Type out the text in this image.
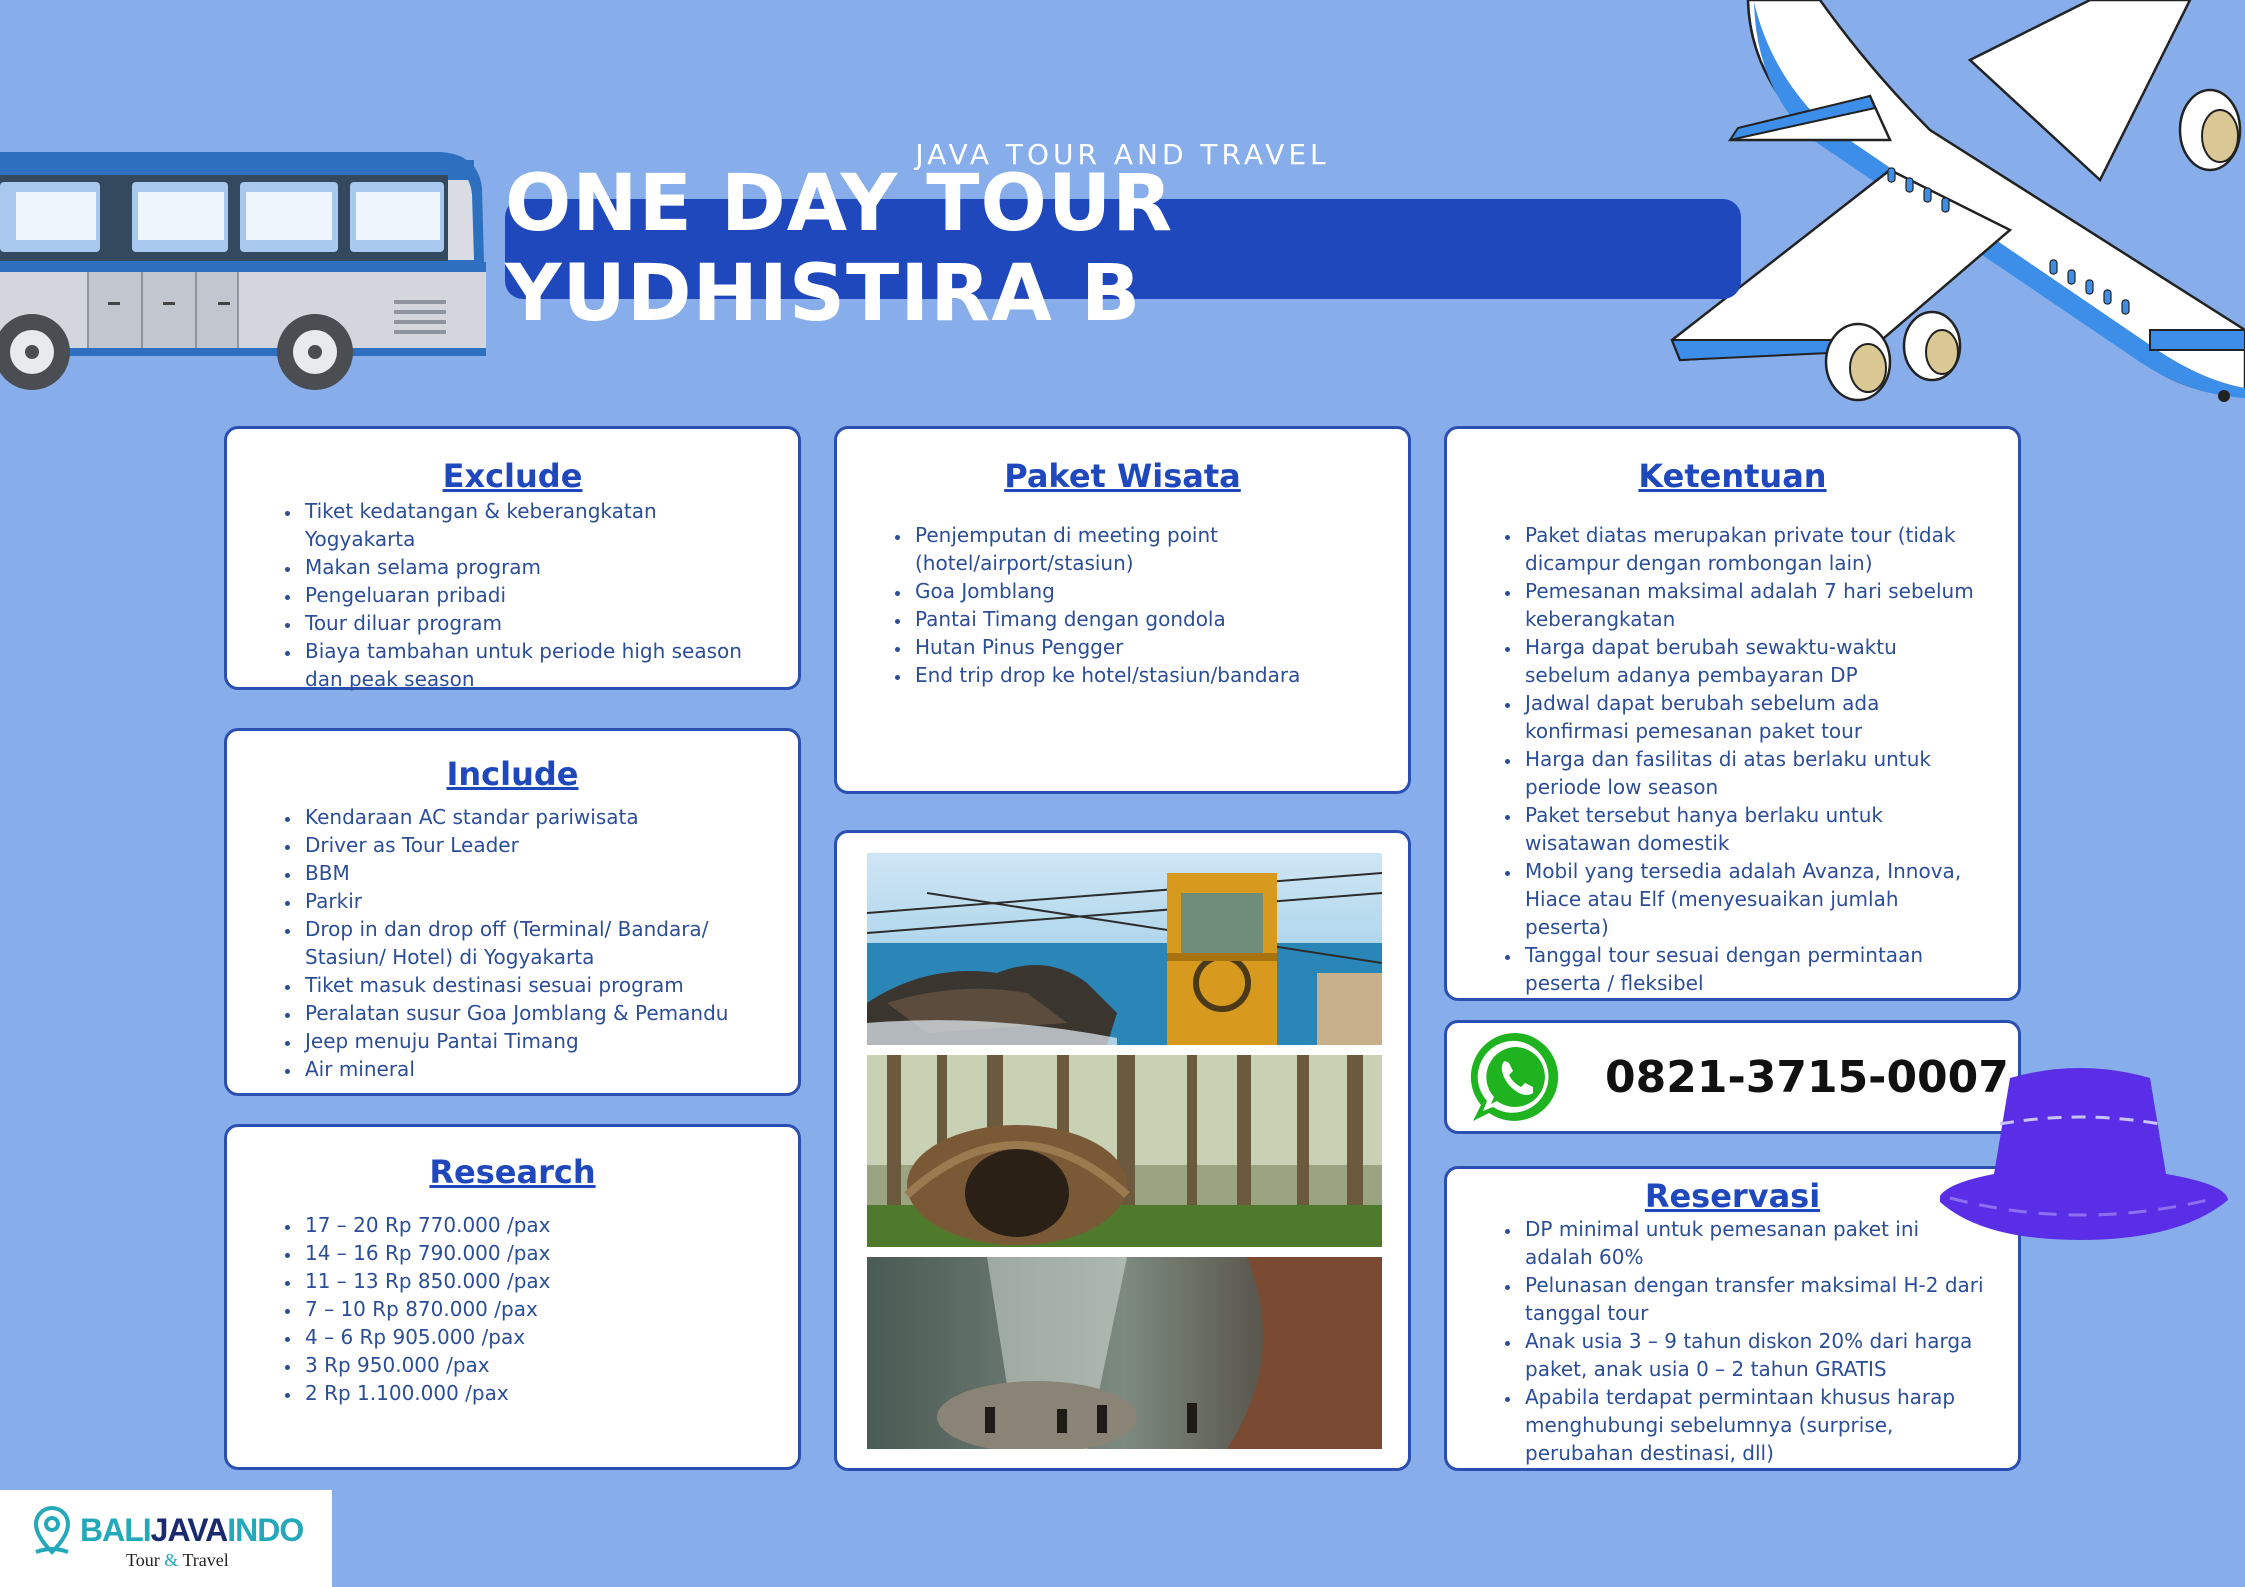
JAVA TOUR AND TRAVEL
ONE DAY TOUR YUDHISTIRA B
Exclude
• Tiket kedatangan & keberangkatan Yogyakarta
• Makan selama program
• Pengeluaran pribadi
• Tour diluar program
• Biaya tambahan untuk periode high season dan peak season
Include
• Kendaraan AC standar pariwisata
• Driver as Tour Leader
• BBM
• Parkir
• Drop in dan drop off (Terminal/ Bandara/ Stasiun/ Hotel) di Yogyakarta
• Tiket masuk destinasi sesuai program
• Peralatan susur Goa Jomblang & Pemandu
• Jeep menuju Pantai Timang
• Air mineral
Research
• 17 – 20 Rp 770.000 /pax
• 14 – 16 Rp 790.000 /pax
• 11 – 13 Rp 850.000 /pax
• 7 – 10 Rp 870.000 /pax
• 4 – 6 Rp 905.000 /pax
• 3 Rp 950.000 /pax
• 2 Rp 1.100.000 /pax
Paket Wisata
• Penjemputan di meeting point (hotel/airport/stasiun)
• Goa Jomblang
• Pantai Timang dengan gondola
• Hutan Pinus Pengger
• End trip drop ke hotel/stasiun/bandara
Ketentuan
• Paket diatas merupakan private tour (tidak dicampur dengan rombongan lain)
• Pemesanan maksimal adalah 7 hari sebelum keberangkatan
• Harga dapat berubah sewaktu-waktu sebelum adanya pembayaran DP
• Jadwal dapat berubah sebelum ada konfirmasi pemesanan paket tour
• Harga dan fasilitas di atas berlaku untuk periode low season
• Paket tersebut hanya berlaku untuk wisatawan domestik
• Mobil yang tersedia adalah Avanza, Innova, Hiace atau Elf (menyesuaikan jumlah peserta)
• Tanggal tour sesuai dengan permintaan peserta / fleksibel
0821-3715-0007
Reservasi
• DP minimal untuk pemesanan paket ini adalah 60%
• Pelunasan dengan transfer maksimal H-2 dari tanggal tour
• Anak usia 3 – 9 tahun diskon 20% dari harga paket, anak usia 0 – 2 tahun GRATIS
• Apabila terdapat permintaan khusus harap menghubungi sebelumnya (surprise, perubahan destinasi, dll)
BALIJAVAINDO
Tour & Travel
